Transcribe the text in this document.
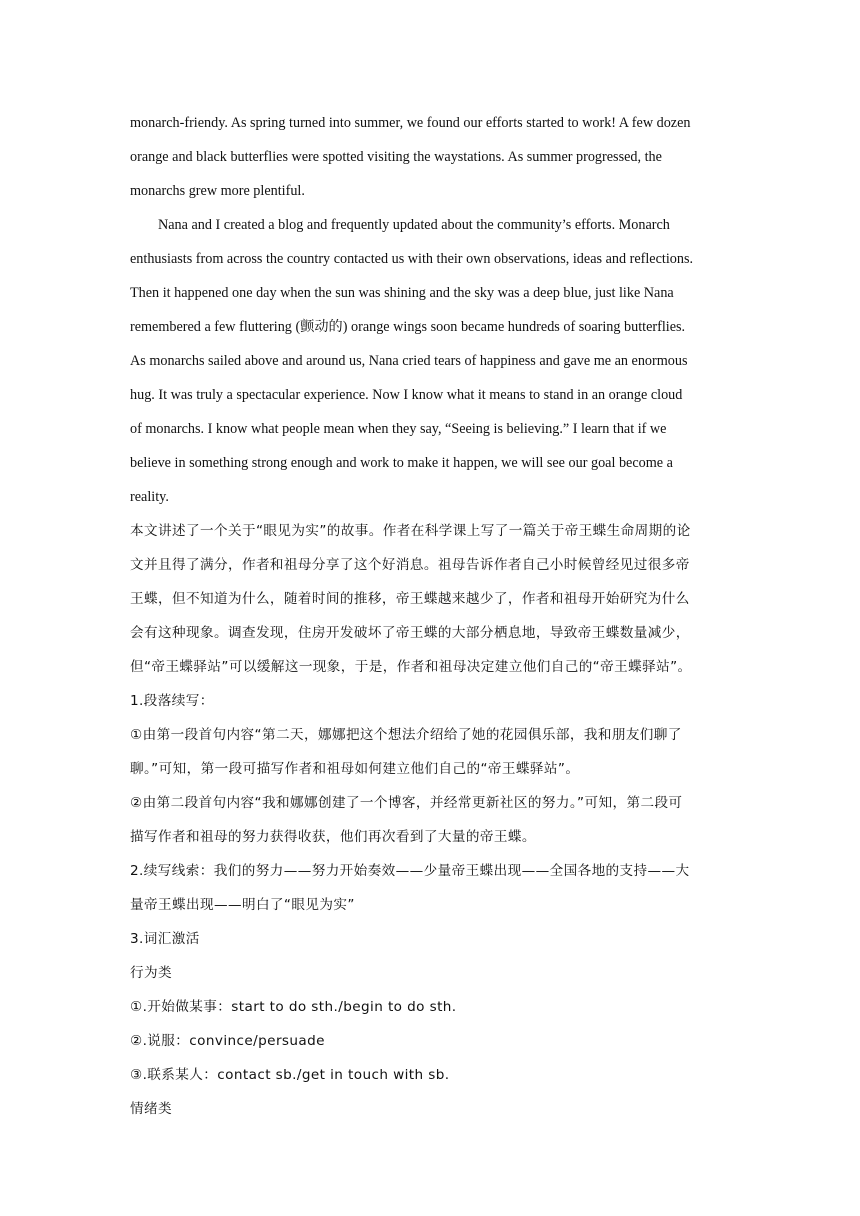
monarch-friendy. As spring turned into summer, we found our efforts started to work! A few dozen
orange and black butterflies were spotted visiting the waystations. As summer progressed, the
monarchs grew more plentiful.

Nana and I created a blog and frequently updated about the community’s efforts. Monarch
enthusiasts from across the country contacted us with their own observations, ideas and reflections.
Then it happened one day when the sun was shining and the sky was a deep blue, just like Nana
remembered a few fluttering (颤动的) orange wings soon became hundreds of soaring butterflies.
As monarchs sailed above and around us, Nana cried tears of happiness and gave me an enormous
hug. It was truly a spectacular experience. Now I know what it means to stand in an orange cloud
of monarchs. I know what people mean when they say, “Seeing is believing.” I learn that if we
believe in something strong enough and work to make it happen, we will see our goal become a
reality.

本文讲述了一个关于“眼见为实”的故事。作者在科学课上写了一篇关于帝王蝶生命周期的论
文并且得了满分，作者和祖母分享了这个好消息。祖母告诉作者自己小时候曾经见过很多帝
王蝶，但不知道为什么，随着时间的推移，帝王蝶越来越少了，作者和祖母开始研究为什么
会有这种现象。调查发现，住房开发破坏了帝王蝶的大部分栖息地，导致帝王蝶数量减少，
但“帝王蝶驿站”可以缓解这一现象，于是，作者和祖母决定建立他们自己的“帝王蝶驿站”。

1.段落续写：

①由第一段首句内容“第二天，娜娜把这个想法介绍给了她的花园俱乐部，我和朋友们聊了
聊。”可知，第一段可描写作者和祖母如何建立他们自己的“帝王蝶驿站”。

②由第二段首句内容“我和娜娜创建了一个博客，并经常更新社区的努力。”可知，第二段可
描写作者和祖母的努力获得收获，他们再次看到了大量的帝王蝶。

2.续写线索：我们的努力——努力开始奏效——少量帝王蝶出现——全国各地的支持——大
量帝王蝶出现——明白了“眼见为实”

3.词汇激活

行为类

①.开始做某事：start to do sth./begin to do sth.

②.说服：convince/persuade

③.联系某人：contact sb./get in touch with sb.

情绪类
